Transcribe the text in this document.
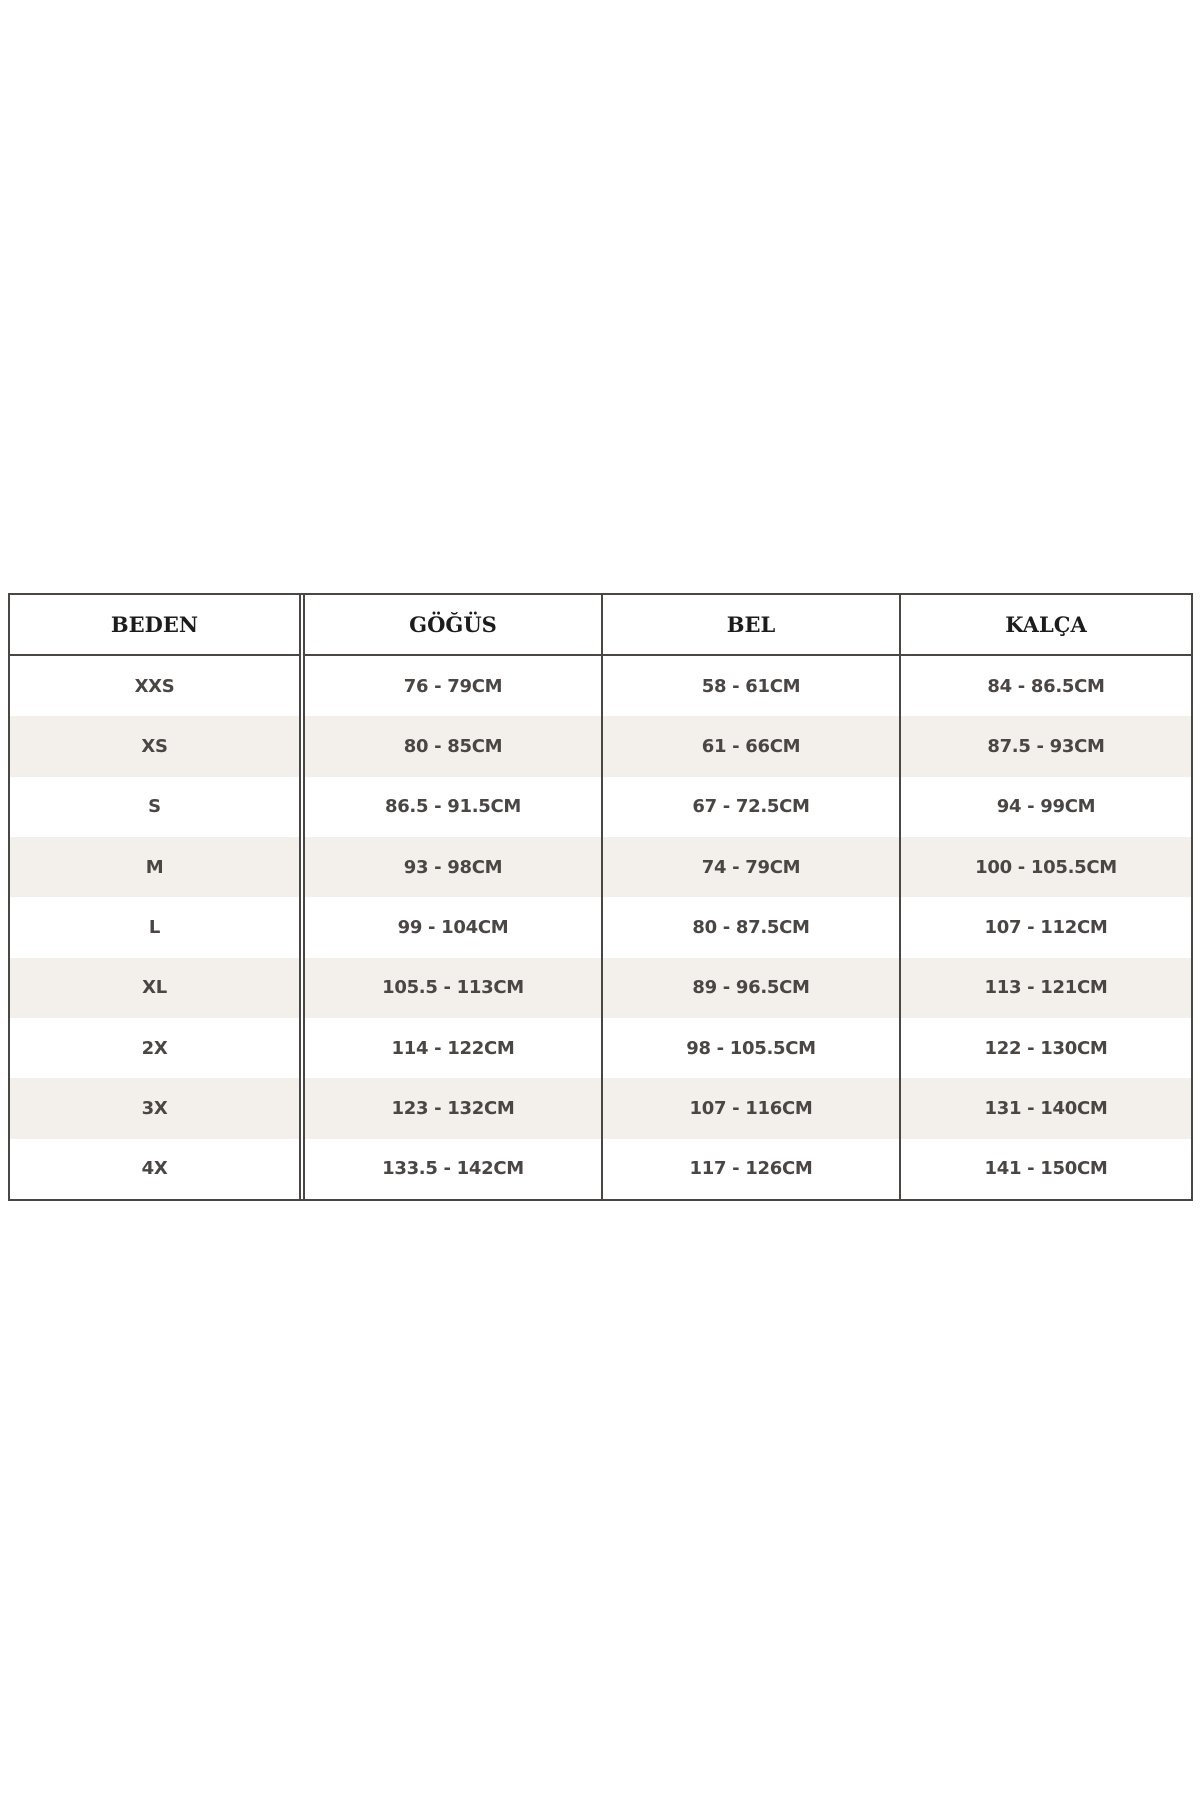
BEDEN
XXS
XS
S
M
L
XL
2X
3X
4X
GÖĞÜS
76 - 79CM
80 - 85CM
86.5 - 91.5CM
93 - 98CM
99 - 104CM
105.5 - 113CM
114 - 122CM
123 - 132CM
133.5 - 142CM
BEL
58 - 61CM
61 - 66CM
67 - 72.5CM
74 - 79CM
80 - 87.5CM
89 - 96.5CM
98 - 105.5CM
107 - 116CM
117 - 126CM
KALÇA
84 - 86.5CM
87.5 - 93CM
94 - 99CM
100 - 105.5CM
107 - 112CM
113 - 121CM
122 - 130CM
131 - 140CM
141 - 150CM
